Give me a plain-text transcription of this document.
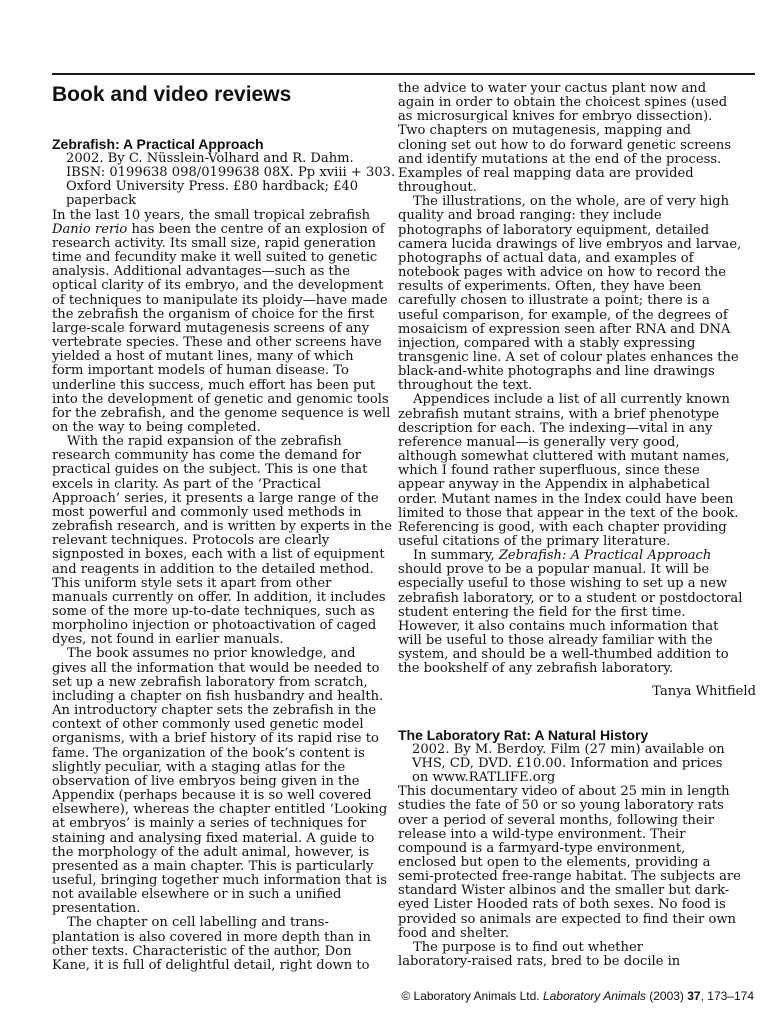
Book and video reviews
Zebrafish: A Practical Approach
2002. By C. Nüsslein-Volhard and R. Dahm.
IBSN: 0199638 098/0199638 08X. Pp xviii + 303.
Oxford University Press. £80 hardback; £40
paperback
In the last 10 years, the small tropical zebrafish
Danio rerio has been the centre of an explosion of
research activity. Its small size, rapid generation
time and fecundity make it well suited to genetic
analysis. Additional advantages—such as the
optical clarity of its embryo, and the development
of techniques to manipulate its ploidy—have made
the zebrafish the organism of choice for the first
large-scale forward mutagenesis screens of any
vertebrate species. These and other screens have
yielded a host of mutant lines, many of which
form important models of human disease. To
underline this success, much effort has been put
into the development of genetic and genomic tools
for the zebrafish, and the genome sequence is well
on the way to being completed.
With the rapid expansion of the zebrafish
research community has come the demand for
practical guides on the subject. This is one that
excels in clarity. As part of the ‘Practical
Approach’ series, it presents a large range of the
most powerful and commonly used methods in
zebrafish research, and is written by experts in the
relevant techniques. Protocols are clearly
signposted in boxes, each with a list of equipment
and reagents in addition to the detailed method.
This uniform style sets it apart from other
manuals currently on offer. In addition, it includes
some of the more up-to-date techniques, such as
morpholino injection or photoactivation of caged
dyes, not found in earlier manuals.
The book assumes no prior knowledge, and
gives all the information that would be needed to
set up a new zebrafish laboratory from scratch,
including a chapter on fish husbandry and health.
An introductory chapter sets the zebrafish in the
context of other commonly used genetic model
organisms, with a brief history of its rapid rise to
fame. The organization of the book’s content is
slightly peculiar, with a staging atlas for the
observation of live embryos being given in the
Appendix (perhaps because it is so well covered
elsewhere), whereas the chapter entitled ‘Looking
at embryos’ is mainly a series of techniques for
staining and analysing fixed material. A guide to
the morphology of the adult animal, however, is
presented as a main chapter. This is particularly
useful, bringing together much information that is
not available elsewhere or in such a unified
presentation.
The chapter on cell labelling and trans-
plantation is also covered in more depth than in
other texts. Characteristic of the author, Don
Kane, it is full of delightful detail, right down to
the advice to water your cactus plant now and
again in order to obtain the choicest spines (used
as microsurgical knives for embryo dissection).
Two chapters on mutagenesis, mapping and
cloning set out how to do forward genetic screens
and identify mutations at the end of the process.
Examples of real mapping data are provided
throughout.
The illustrations, on the whole, are of very high
quality and broad ranging: they include
photographs of laboratory equipment, detailed
camera lucida drawings of live embryos and larvae,
photographs of actual data, and examples of
notebook pages with advice on how to record the
results of experiments. Often, they have been
carefully chosen to illustrate a point; there is a
useful comparison, for example, of the degrees of
mosaicism of expression seen after RNA and DNA
injection, compared with a stably expressing
transgenic line. A set of colour plates enhances the
black-and-white photographs and line drawings
throughout the text.
Appendices include a list of all currently known
zebrafish mutant strains, with a brief phenotype
description for each. The indexing—vital in any
reference manual—is generally very good,
although somewhat cluttered with mutant names,
which I found rather superfluous, since these
appear anyway in the Appendix in alphabetical
order. Mutant names in the Index could have been
limited to those that appear in the text of the book.
Referencing is good, with each chapter providing
useful citations of the primary literature.
In summary, Zebrafish: A Practical Approach
should prove to be a popular manual. It will be
especially useful to those wishing to set up a new
zebrafish laboratory, or to a student or postdoctoral
student entering the field for the first time.
However, it also contains much information that
will be useful to those already familiar with the
system, and should be a well-thumbed addition to
the bookshelf of any zebrafish laboratory.
Tanya Whitfield
The Laboratory Rat: A Natural History
2002. By M. Berdoy. Film (27 min) available on
VHS, CD, DVD. £10.00. Information and prices
on www.RATLIFE.org
This documentary video of about 25 min in length
studies the fate of 50 or so young laboratory rats
over a period of several months, following their
release into a wild-type environment. Their
compound is a farmyard-type environment,
enclosed but open to the elements, providing a
semi-protected free-range habitat. The subjects are
standard Wister albinos and the smaller but dark-
eyed Lister Hooded rats of both sexes. No food is
provided so animals are expected to find their own
food and shelter.
The purpose is to find out whether
laboratory-raised rats, bred to be docile in
© Laboratory Animals Ltd. Laboratory Animals (2003) 37, 173–174
